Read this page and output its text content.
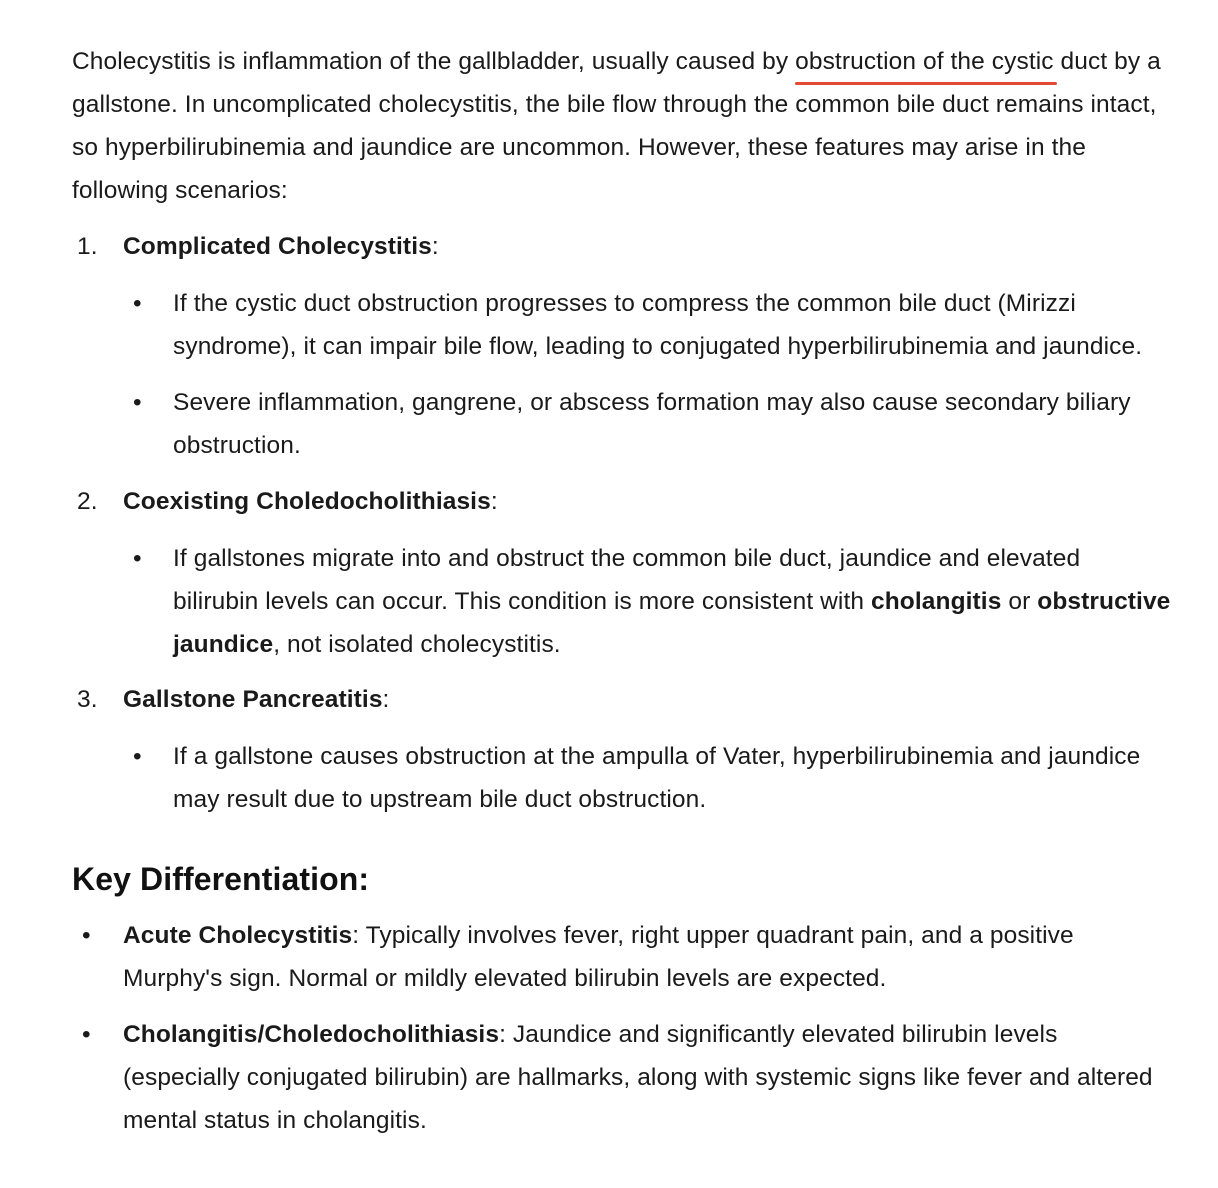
Cholecystitis is inflammation of the gallbladder, usually caused by obstruction of the cystic duct by a gallstone. In uncomplicated cholecystitis, the bile flow through the common bile duct remains intact, so hyperbilirubinemia and jaundice are uncommon. However, these features may arise in the following scenarios:

1. Complicated Cholecystitis:

• If the cystic duct obstruction progresses to compress the common bile duct (Mirizzi syndrome), it can impair bile flow, leading to conjugated hyperbilirubinemia and jaundice.
• Severe inflammation, gangrene, or abscess formation may also cause secondary biliary obstruction.
2. Coexisting Choledocholithiasis:

• If gallstones migrate into and obstruct the common bile duct, jaundice and elevated bilirubin levels can occur. This condition is more consistent with cholangitis or obstructive jaundice, not isolated cholecystitis.
3. Gallstone Pancreatitis:

• If a gallstone causes obstruction at the ampulla of Vater, hyperbilirubinemia and jaundice may result due to upstream bile duct obstruction.
Key Differentiation:
• Acute Cholecystitis: Typically involves fever, right upper quadrant pain, and a positive Murphy's sign. Normal or mildly elevated bilirubin levels are expected.
• Cholangitis/Choledocholithiasis: Jaundice and significantly elevated bilirubin levels (especially conjugated bilirubin) are hallmarks, along with systemic signs like fever and altered mental status in cholangitis.
